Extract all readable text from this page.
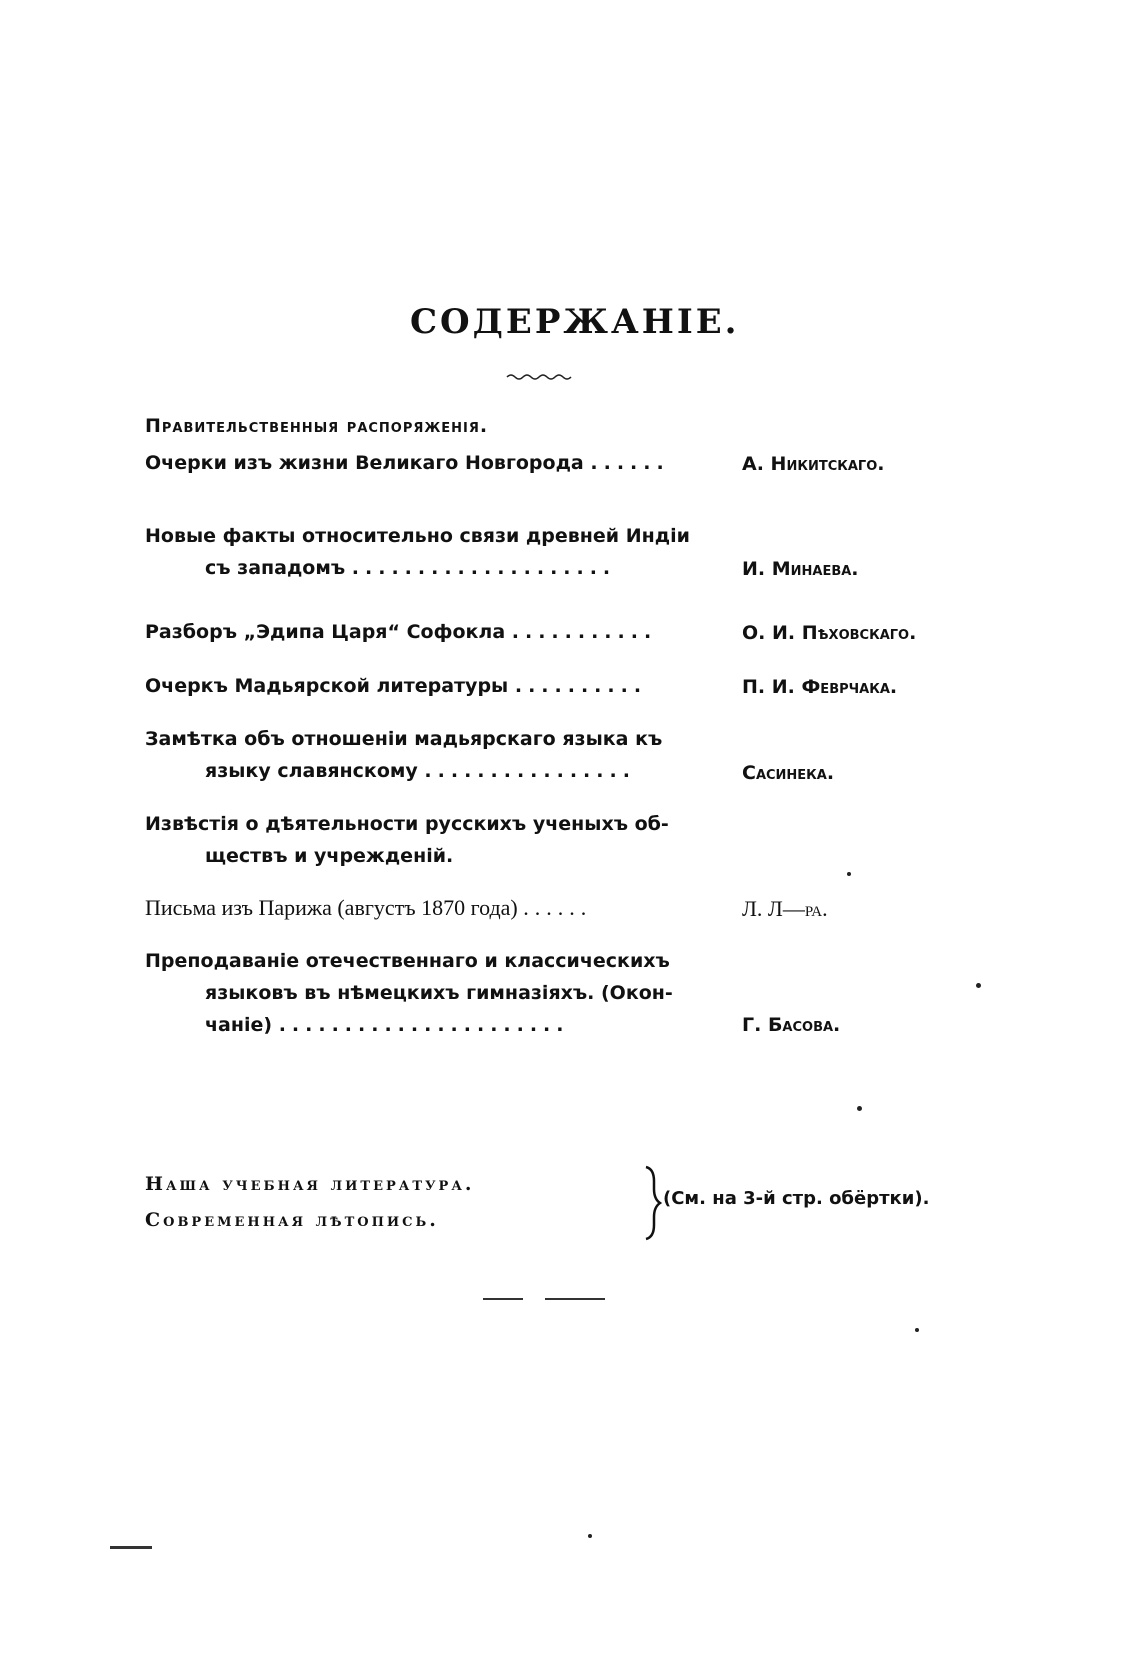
СОДЕРЖАНІЕ.
Правительственныя распоряженія.
Очерки изъ жизни Великаго Новгорода ......	А. Никитскаго.
Новые факты относительно связи древней Индіи
съ западомъ ....................	И. Минаева.
Разборъ „Эдипа Царя“ Софокла ...........	О. И. Пѣховскаго.
Очеркъ Мадьярской литературы ..........	П. И. Феврчака.
Замѣтка объ отношеніи мадьярскаго языка къ
языку славянскому ................	Сасинека.
Извѣстія о дѣятельности русскихъ ученыхъ об-
ществъ и учрежденій.
Письма изъ Парижа (августъ 1870 года) ......	Л. Л—ра.
Преподаваніе отечественнаго и классическихъ
языковъ въ нѣмецкихъ гимназіяхъ. (Окон-
чаніе) ......................	Г. Басова.
Наша учебная литература.
Современная лѣтопись.
(См. на 3-й стр. обёртки).
